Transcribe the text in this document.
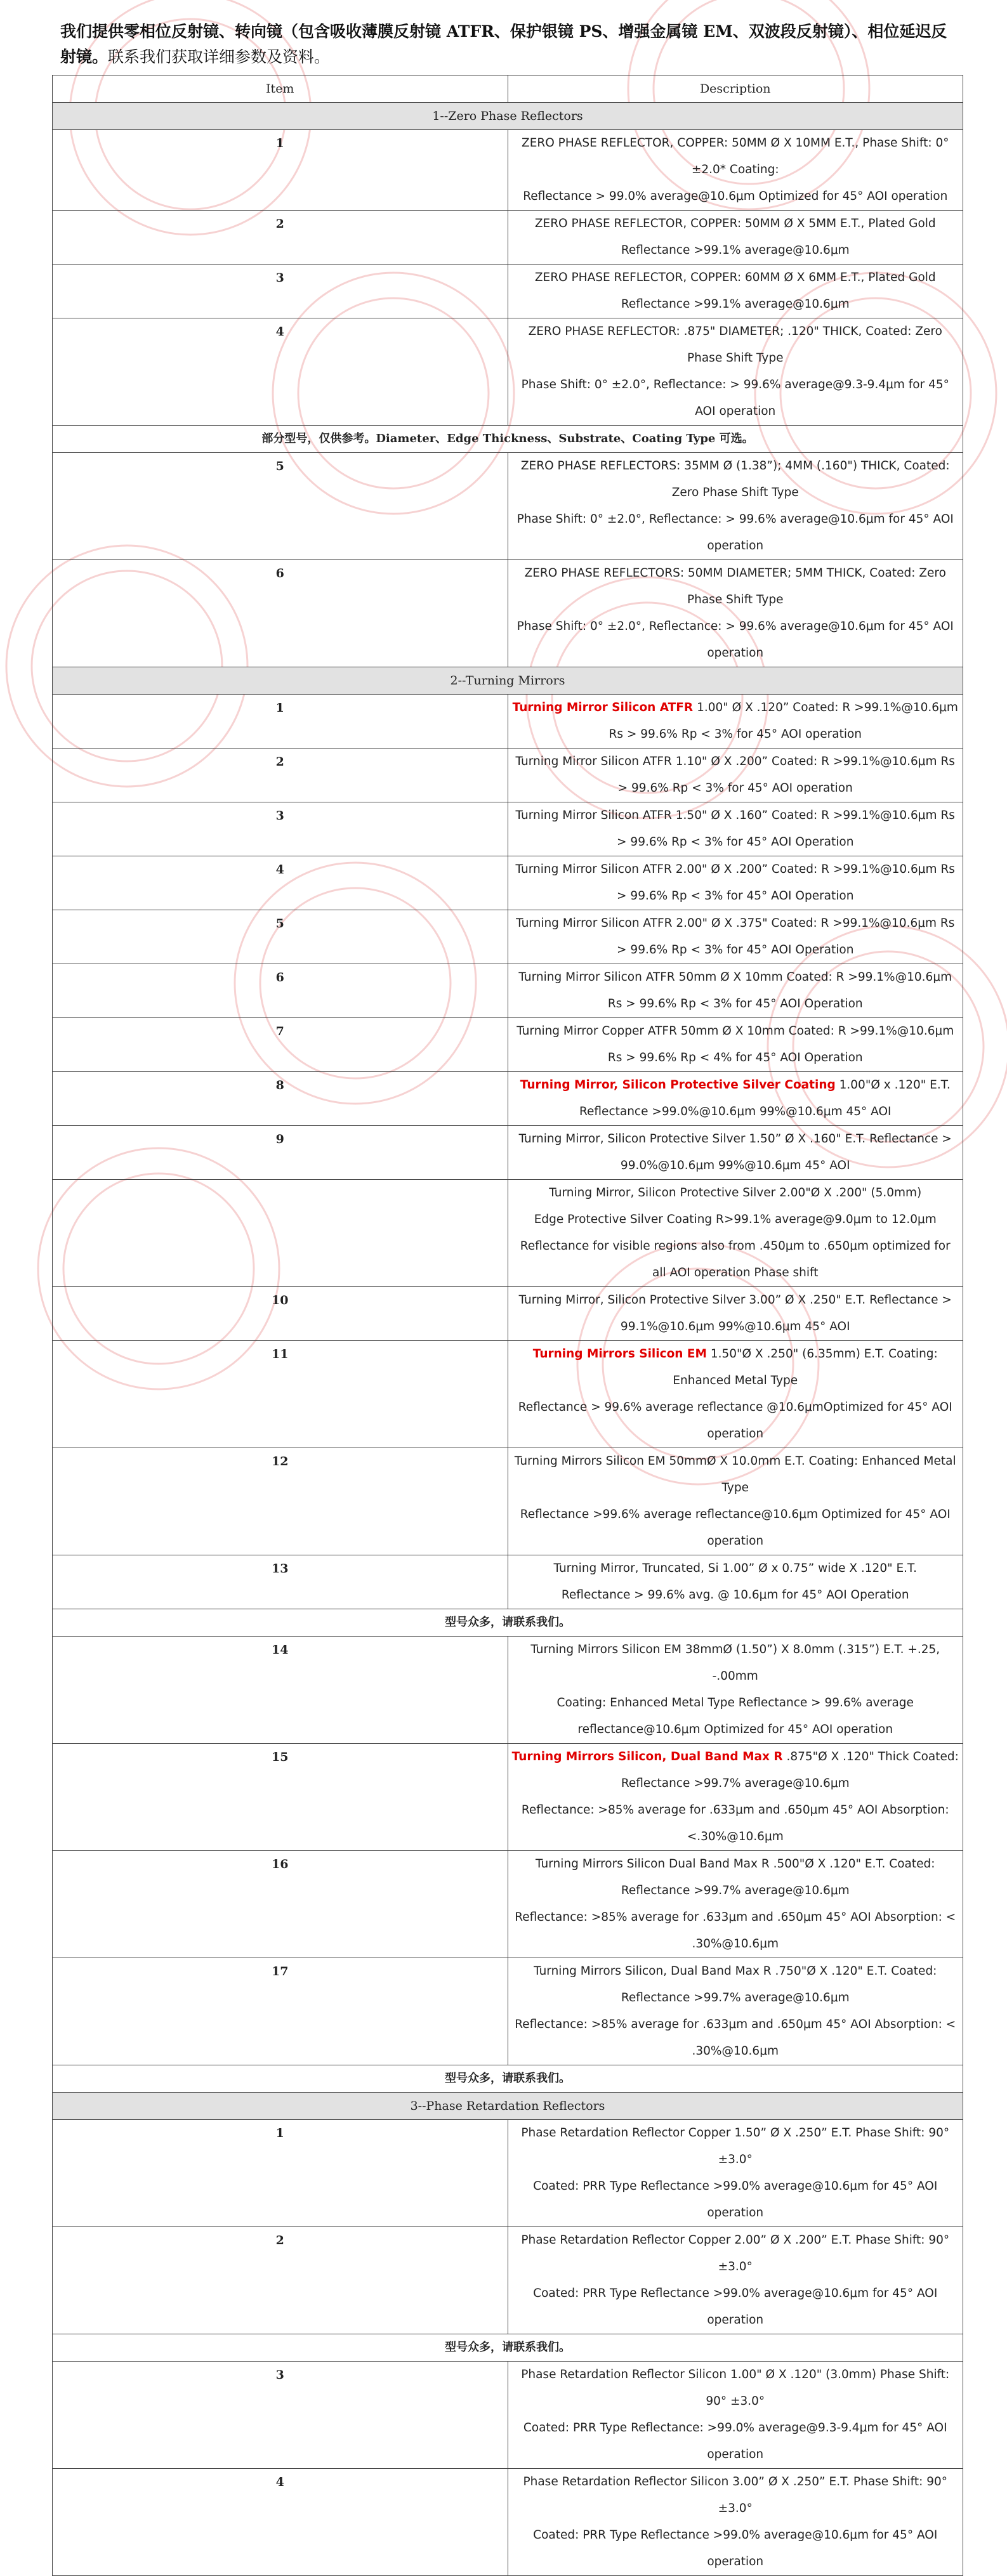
我们提供零相位反射镜、转向镜（包含吸收薄膜反射镜 ATFR、保护银镜 PS、增强金属镜 EM、双波段反射镜）、相位延迟反射镜。联系我们获取详细参数及资料。
Item	Description
1--Zero Phase Reflectors	
1	ZERO PHASE REFLECTOR, COPPER: 50MM Ø X 10MM E.T., Phase Shift: 0° ±2.0* Coating:
Reflectance > 99.0% average@10.6μm Optimized for 45° AOI operation

2	ZERO PHASE REFLECTOR, COPPER: 50MM Ø X 5MM E.T., Plated Gold Reflectance >99.1% average@10.6μm

3	ZERO PHASE REFLECTOR, COPPER: 60MM Ø X 6MM E.T., Plated Gold Reflectance >99.1% average@10.6μm

4	ZERO PHASE REFLECTOR: .875" DIAMETER; .120" THICK, Coated: Zero Phase Shift Type
Phase Shift: 0° ±2.0°, Reflectance: > 99.6% average@9.3-9.4μm for 45° AOI operation

部分型号，仅供参考。Diameter、Edge Thickness、Substrate、Coating Type 可选。	
5	ZERO PHASE REFLECTORS: 35MM Ø (1.38”); 4MM (.160") THICK, Coated: Zero Phase Shift Type
Phase Shift: 0° ±2.0°, Reflectance: > 99.6% average@10.6μm for 45° AOI operation

6	ZERO PHASE REFLECTORS: 50MM DIAMETER; 5MM THICK, Coated: Zero Phase Shift Type
Phase Shift: 0° ±2.0°, Reflectance: > 99.6% average@10.6μm for 45° AOI operation

2--Turning Mirrors	
1	Turning Mirror Silicon ATFR 1.00" Ø X .120” Coated: R >99.1%@10.6μm Rs > 99.6% Rp < 3% for 45° AOI operation

2	Turning Mirror Silicon ATFR 1.10" Ø X .200” Coated: R >99.1%@10.6μm Rs > 99.6% Rp < 3% for 45° AOI operation

3	Turning Mirror Silicon ATFR 1.50" Ø X .160” Coated: R >99.1%@10.6μm Rs > 99.6% Rp < 3% for 45° AOI Operation

4	Turning Mirror Silicon ATFR 2.00" Ø X .200” Coated: R >99.1%@10.6μm Rs > 99.6% Rp < 3% for 45° AOI Operation

5	Turning Mirror Silicon ATFR 2.00" Ø X .375" Coated: R >99.1%@10.6μm Rs > 99.6% Rp < 3% for 45° AOI Operation

6	Turning Mirror Silicon ATFR 50mm Ø X 10mm Coated: R >99.1%@10.6μm Rs > 99.6% Rp < 3% for 45° AOI Operation

7	Turning Mirror Copper ATFR 50mm Ø X 10mm Coated: R >99.1%@10.6μm Rs > 99.6% Rp < 4% for 45° AOI Operation

8	Turning Mirror, Silicon Protective Silver Coating 1.00"Ø x .120" E.T. Reflectance >99.0%@10.6μm 99%@10.6μm 45° AOI

9	Turning Mirror, Silicon Protective Silver 1.50” Ø X .160" E.T. Reflectance > 99.0%@10.6μm 99%@10.6μm 45° AOI

	Turning Mirror, Silicon Protective Silver 2.00"Ø X .200" (5.0mm)
Edge Protective Silver Coating R>99.1% average@9.0μm to 12.0μm
Reflectance for visible regions also from .450μm to .650μm optimized for all AOI operation Phase shift

10	Turning Mirror, Silicon Protective Silver 3.00” Ø X .250" E.T. Reflectance > 99.1%@10.6μm 99%@10.6μm 45° AOI

11	Turning Mirrors Silicon EM 1.50"Ø X .250" (6.35mm) E.T. Coating: Enhanced Metal Type
Reflectance > 99.6% average reflectance @10.6μmOptimized for 45° AOI operation

12	Turning Mirrors Silicon EM 50mmØ X 10.0mm E.T. Coating: Enhanced Metal Type
Reflectance >99.6% average reflectance@10.6μm Optimized for 45° AOI operation

13	Turning Mirror, Truncated, Si 1.00” Ø x 0.75” wide X .120" E.T.
Reflectance > 99.6% avg. @ 10.6μm for 45° AOI Operation

型号众多，请联系我们。	
14	Turning Mirrors Silicon EM 38mmØ (1.50”) X 8.0mm (.315”) E.T. +.25, -.00mm
Coating: Enhanced Metal Type Reflectance > 99.6% average reflectance@10.6μm Optimized for 45° AOI operation

15	Turning Mirrors Silicon, Dual Band Max R .875"Ø X .120" Thick Coated: Reflectance >99.7% average@10.6μm
Reflectance: >85% average for .633μm and .650μm 45° AOI Absorption: <.30%@10.6μm

16	Turning Mirrors Silicon Dual Band Max R .500"Ø X .120" E.T. Coated: Reflectance >99.7% average@10.6μm
Reflectance: >85% average for .633μm and .650μm 45° AOI Absorption: < .30%@10.6μm

17	Turning Mirrors Silicon, Dual Band Max R .750"Ø X .120" E.T. Coated: Reflectance >99.7% average@10.6μm
Reflectance: >85% average for .633μm and .650μm 45° AOI Absorption: < .30%@10.6μm

型号众多，请联系我们。	
3--Phase Retardation Reflectors	
1	Phase Retardation Reflector Copper 1.50” Ø X .250” E.T. Phase Shift: 90° ±3.0°
Coated: PRR Type Reflectance >99.0% average@10.6μm for 45° AOI operation

2	Phase Retardation Reflector Copper 2.00” Ø X .200” E.T. Phase Shift: 90° ±3.0°
Coated: PRR Type Reflectance >99.0% average@10.6μm for 45° AOI operation

型号众多，请联系我们。	
3	Phase Retardation Reflector Silicon 1.00" Ø X .120" (3.0mm) Phase Shift: 90° ±3.0°
Coated: PRR Type Reflectance: >99.0% average@9.3-9.4μm for 45° AOI operation

4	Phase Retardation Reflector Silicon 3.00” Ø X .250” E.T. Phase Shift: 90° ±3.0°
Coated: PRR Type Reflectance >99.0% average@10.6μm for 45° AOI operation
